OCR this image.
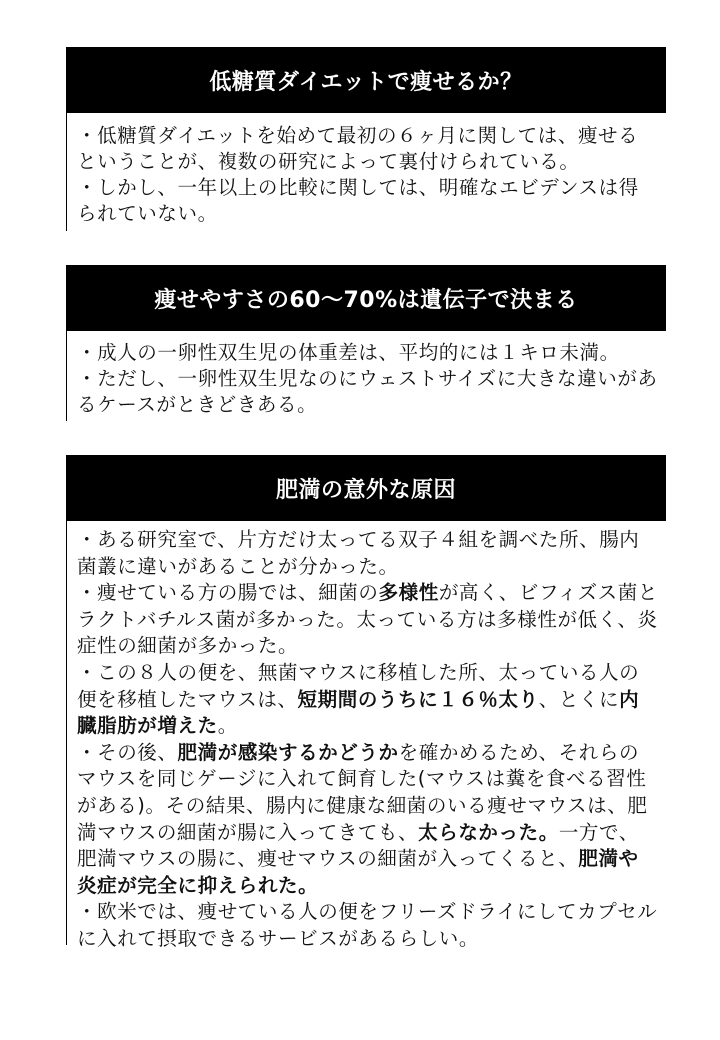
低糖質ダイエットで痩せるか？

・低糖質ダイエットを始めて最初の６ヶ月に関しては、痩せるということが、複数の研究によって裏付けられている。

・しかし、一年以上の比較に関しては、明確なエビデンスは得られていない。

痩せやすさの60〜70%は遺伝子で決まる

・成人の一卵性双生児の体重差は、平均的には１キロ未満。

・ただし、一卵性双生児なのにウェストサイズに大きな違いがあるケースがときどきある。

肥満の意外な原因

・ある研究室で、片方だけ太ってる双子４組を調べた所、腸内菌叢に違いがあることが分かった。

・痩せている方の腸では、細菌の多様性が高く、ビフィズス菌とラクトバチルス菌が多かった。太っている方は多様性が低く、炎症性の細菌が多かった。

・この８人の便を、無菌マウスに移植した所、太っている人の便を移植したマウスは、短期間のうちに１６％太り、とくに内臓脂肪が増えた。

・その後、肥満が感染するかどうかを確かめるため、それらのマウスを同じゲージに入れて飼育した(マウスは糞を食べる習性がある)。その結果、腸内に健康な細菌のいる痩せマウスは、肥満マウスの細菌が腸に入ってきても、太らなかった。一方で、肥満マウスの腸に、痩せマウスの細菌が入ってくると、肥満や炎症が完全に抑えられた。

・欧米では、痩せている人の便をフリーズドライにしてカプセルに入れて摂取できるサービスがあるらしい。
